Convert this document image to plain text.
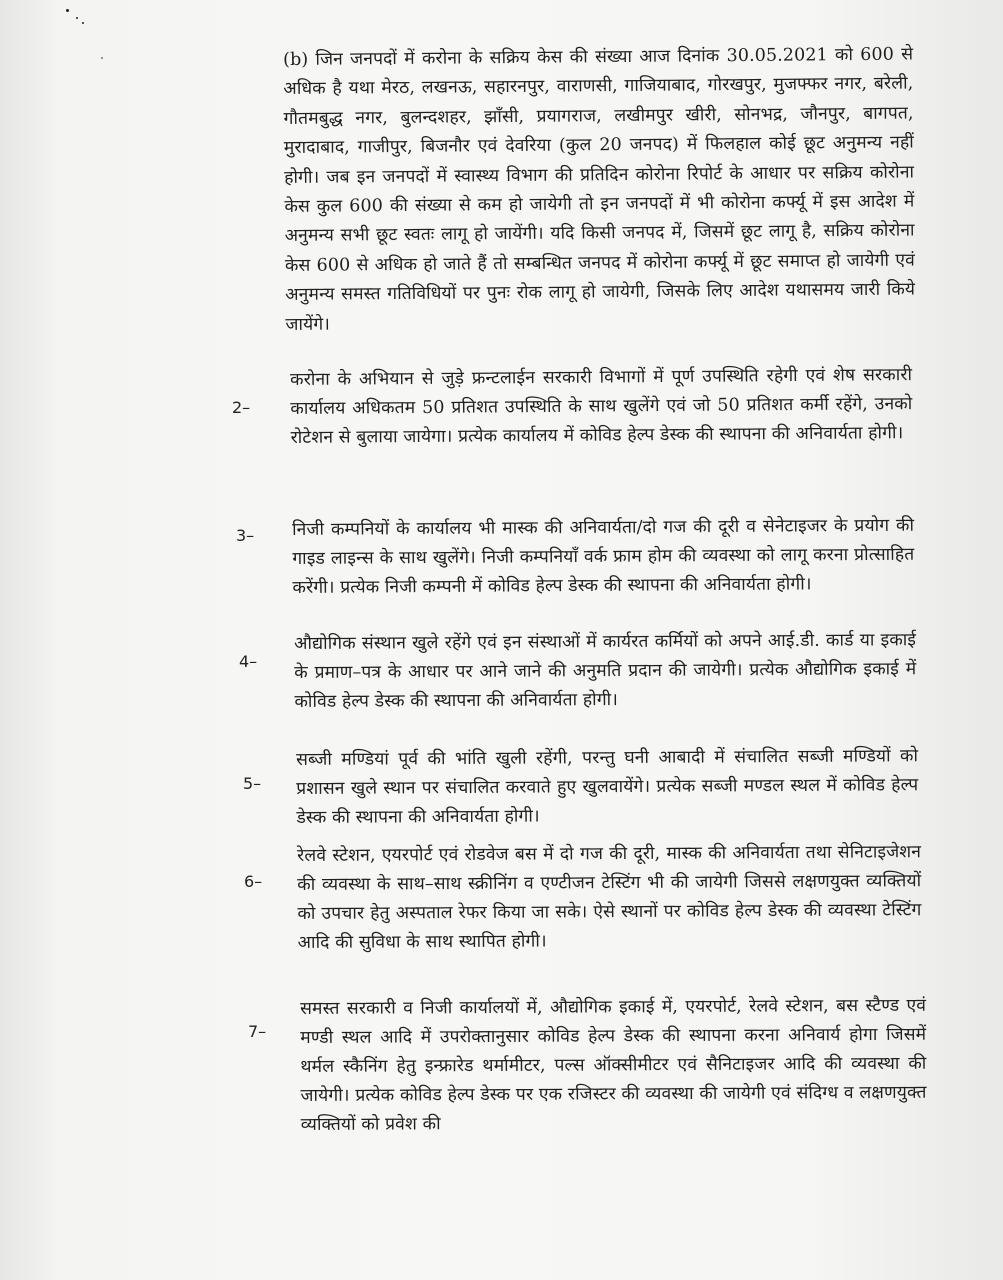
(b) जिन जनपदों में करोना के सक्रिय केस की संख्या आज दिनांक 30.05.2021 को 600 से अधिक है यथा मेरठ, लखनऊ, सहारनपुर, वाराणसी, गाजियाबाद, गोरखपुर, मुजफ्फर नगर, बरेली, गौतमबुद्ध नगर, बुलन्दशहर, झाँसी, प्रयागराज, लखीमपुर खीरी, सोनभद्र, जौनपुर, बागपत, मुरादाबाद, गाजीपुर, बिजनौर एवं देवरिया (कुल 20 जनपद) में फिलहाल कोई छूट अनुमन्य नहीं होगी। जब इन जनपदों में स्वास्थ्य विभाग की प्रतिदिन कोरोना रिपोर्ट के आधार पर सक्रिय कोरोना केस कुल 600 की संख्या से कम हो जायेगी तो इन जनपदों में भी कोरोना कर्फ्यू में इस आदेश में अनुमन्य सभी छूट स्वतः लागू हो जायेंगी। यदि किसी जनपद में, जिसमें छूट लागू है, सक्रिय कोरोना केस 600 से अधिक हो जाते हैं तो सम्बन्धित जनपद में कोरोना कर्फ्यू में छूट समाप्त हो जायेगी एवं अनुमन्य समस्त गतिविधियों पर पुनः रोक लागू हो जायेगी, जिसके लिए आदेश यथासमय जारी किये जायेंगे।
2–
करोना के अभियान से जुड़े फ्रन्टलाईन सरकारी विभागों में पूर्ण उपस्थिति रहेगी एवं शेष सरकारी कार्यालय अधिकतम 50 प्रतिशत उपस्थिति के साथ खुलेंगे एवं जो 50 प्रतिशत कर्मी रहेंगे, उनको रोटेशन से बुलाया जायेगा। प्रत्येक कार्यालय में कोविड हेल्प डेस्क की स्थापना की अनिवार्यता होगी।
3– निजी कम्पनियों के कार्यालय भी मास्क की अनिवार्यता/दो गज की दूरी व सेनेटाइजर के प्रयोग की गाइड लाइन्स के साथ खुलेंगे। निजी कम्पनियाँ वर्क फ्राम होम की व्यवस्था को लागू करना प्रोत्साहित करेंगी। प्रत्येक निजी कम्पनी में कोविड हेल्प डेस्क की स्थापना की अनिवार्यता होगी।
4–
औद्योगिक संस्थान खुले रहेंगे एवं इन संस्थाओं में कार्यरत कर्मियों को अपने आई.डी. कार्ड या इकाई के प्रमाण–पत्र के आधार पर आने जाने की अनुमति प्रदान की जायेगी। प्रत्येक औद्योगिक इकाई में कोविड हेल्प डेस्क की स्थापना की अनिवार्यता होगी।
5–
सब्जी मण्डियां पूर्व की भांति खुली रहेंगी, परन्तु घनी आबादी में संचालित सब्जी मण्डियों को प्रशासन खुले स्थान पर संचालित करवाते हुए खुलवायेंगे। प्रत्येक सब्जी मण्डल स्थल में कोविड हेल्प डेस्क की स्थापना की अनिवार्यता होगी।
6–
रेलवे स्टेशन, एयरपोर्ट एवं रोडवेज बस में दो गज की दूरी, मास्क की अनिवार्यता तथा सेनिटाइजेशन की व्यवस्था के साथ–साथ स्क्रीनिंग व एण्टीजन टेस्टिंग भी की जायेगी जिससे लक्षणयुक्त व्यक्तियों को उपचार हेतु अस्पताल रेफर किया जा सके। ऐसे स्थानों पर कोविड हेल्प डेस्क की व्यवस्था टेस्टिंग आदि की सुविधा के साथ स्थापित होगी।
7–
समस्त सरकारी व निजी कार्यालयों में, औद्योगिक इकाई में, एयरपोर्ट, रेलवे स्टेशन, बस स्टैण्ड एवं मण्डी स्थल आदि में उपरोक्तानुसार कोविड हेल्प डेस्क की स्थापना करना अनिवार्य होगा जिसमें थर्मल स्कैनिंग हेतु इन्फ्रारेड थर्मामीटर, पल्स ऑक्सीमीटर एवं सैनिटाइजर आदि की व्यवस्था की जायेगी। प्रत्येक कोविड हेल्प डेस्क पर एक रजिस्टर की व्यवस्था की जायेगी एवं संदिग्ध व लक्षणयुक्त व्यक्तियों को प्रवेश की
